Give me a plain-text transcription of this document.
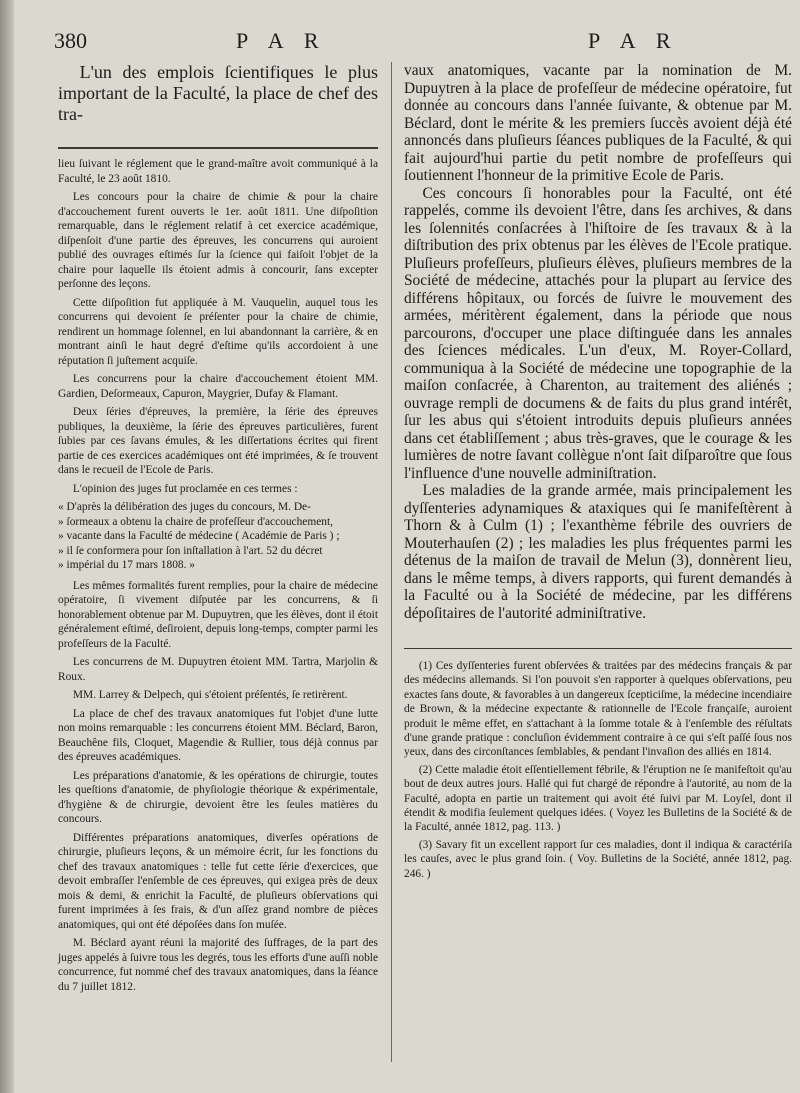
380	P A R	P A R

L'un des emplois ſcientifiques le plus important de la Faculté, la place de chef des tra-

lieu ſuivant le réglement que le grand-maître avoit communiqué à la Faculté, le 23 août 1810.

Les concours pour la chaire de chimie & pour la chaire d'accouchement furent ouverts le 1er. août 1811. Une diſpoſition remarquable, dans le réglement relatif à cet exercice académique, diſpenſoit d'une partie des épreuves, les concurrens qui auroient publié des ouvrages eſtimés ſur la ſcience qui faiſoit l'objet de la chaire pour laquelle ils étoient admis à concourir, ſans excepter perſonne des leçons.

Cette diſpoſition fut appliquée à M. Vauquelin, auquel tous les concurrens qui devoient ſe préſenter pour la chaire de chimie, rendirent un hommage ſolennel, en lui abandonnant la carrière, & en montrant ainſi le haut degré d'eſtime qu'ils accordoient à une réputation ſi juſtement acquiſe.

Les concurrens pour la chaire d'accouchement étoient MM. Gardien, Deſormeaux, Capuron, Maygrier, Dufay & Flamant.

Deux ſéries d'épreuves, la première, la ſérie des épreuves publiques, la deuxième, la ſérie des épreuves particulières, furent ſubies par ces ſavans émules, & les diſſertations écrites qui firent partie de ces exercices académiques ont été imprimées, & ſe trouvent dans le recueil de l'Ecole de Paris.

L'opinion des juges fut proclamée en ces termes :

« D'après la délibération des juges du concours, M. De-
» ſormeaux a obtenu la chaire de profeſſeur d'accouchement,
» vacante dans la Faculté de médecine ( Académie de Paris ) ;
» il ſe conformera pour ſon inſtallation à l'art. 52 du décret
» impérial du 17 mars 1808. »

Les mêmes formalités furent remplies, pour la chaire de médecine opératoire, ſi vivement diſputée par les concurrens, & ſi honorablement obtenue par M. Dupuytren, que les élèves, dont il étoit généralement eſtimé, deſiroient, depuis long-temps, compter parmi les profeſſeurs de la Faculté.

Les concurrens de M. Dupuytren étoient MM. Tartra, Marjolin & Roux.

MM. Larrey & Delpech, qui s'étoient préſentés, ſe retirèrent.

La place de chef des travaux anatomiques fut l'objet d'une lutte non moins remarquable : les concurrens étoient MM. Béclard, Baron, Beauchêne fils, Cloquet, Magendie & Rullier, tous déjà connus par des épreuves académiques.

Les préparations d'anatomie, & les opérations de chirurgie, toutes les queſtions d'anatomie, de phyſiologie théorique & expérimentale, d'hygiène & de chirurgie, devoient être les ſeules matières du concours.

Différentes préparations anatomiques, diverſes opérations de chirurgie, pluſieurs leçons, & un mémoire écrit, ſur les fonctions du chef des travaux anatomiques : telle fut cette ſérie d'exercices, que devoit embraſſer l'enſemble de ces épreuves, qui exigea près de deux mois & demi, & enrichit la Faculté, de pluſieurs obſervations qui furent imprimées à ſes frais, & d'un aſſez grand nombre de pièces anatomiques, qui ont été dépoſées dans ſon muſée.

M. Béclard ayant réuni la majorité des ſuffrages, de la part des juges appelés à ſuivre tous les degrés, tous les efforts d'une auſſi noble concurrence, fut nommé chef des travaux anatomiques, dans la ſéance du 7 juillet 1812.

vaux anatomiques, vacante par la nomination de M. Dupuytren à la place de profeſſeur de médecine opératoire, fut donnée au concours dans l'année ſuivante, & obtenue par M. Béclard, dont le mérite & les premiers ſuccès avoient déjà été annoncés dans pluſieurs ſéances publiques de la Faculté, & qui fait aujourd'hui partie du petit nombre de profeſſeurs qui ſoutiennent l'honneur de la primitive Ecole de Paris.

Ces concours ſi honorables pour la Faculté, ont été rappelés, comme ils devoient l'être, dans ſes archives, & dans les ſolennités conſacrées à l'hiſtoire de ſes travaux & à la diſtribution des prix obtenus par les élèves de l'Ecole pratique. Pluſieurs profeſſeurs, pluſieurs élèves, pluſieurs membres de la Société de médecine, attachés pour la plupart au ſervice des différens hôpitaux, ou forcés de ſuivre le mouvement des armées, méritèrent également, dans la période que nous parcourons, d'occuper une place diſtinguée dans les annales des ſciences médicales. L'un d'eux, M. Royer-Collard, communiqua à la Société de médecine une topographie de la maiſon conſacrée, à Charenton, au traitement des aliénés ; ouvrage rempli de documens & de faits du plus grand intérêt, ſur les abus qui s'étoient introduits depuis pluſieurs années dans cet établiſſement ; abus très-graves, que le courage & les lumières de notre ſavant collègue n'ont ſait diſparoître que ſous l'influence d'une nouvelle adminiſtration.

Les maladies de la grande armée, mais principalement les dyſſenteries adynamiques & ataxiques qui ſe manifeſtèrent à Thorn & à Culm (1) ; l'exanthème fébrile des ouvriers de Mouterhauſen (2) ; les maladies les plus fréquentes parmi les détenus de la maiſon de travail de Melun (3), donnèrent lieu, dans le même temps, à divers rapports, qui furent demandés à la Faculté ou à la Société de médecine, par les différens dépoſitaires de l'autorité adminiſtrative.

(1) Ces dyſſenteries furent obſervées & traitées par des médecins français & par des médecins allemands. Si l'on pouvoit s'en rapporter à quelques obſervations, peu exactes ſans doute, & favorables à un dangereux ſcepticiſme, la médecine incendiaire de Brown, & la médecine expectante & rationnelle de l'Ecole françaiſe, auroient produit le même effet, en s'attachant à la ſomme totale & à l'enſemble des réſultats d'une grande pratique : concluſion évidemment contraire à ce qui s'eſt paſſé ſous nos yeux, dans des circonſtances ſemblables, & pendant l'invaſion des alliés en 1814.

(2) Cette maladie étoit eſſentiellement fébrile, & l'éruption ne ſe manifeſtoit qu'au bout de deux autres jours. Hallé qui fut chargé de répondre à l'autorité, au nom de la Faculté, adopta en partie un traitement qui avoit été ſuivi par M. Loyſel, dont il étendit & modifia ſeulement quelques idées. ( Voyez les Bulletins de la Société & de la Faculté, année 1812, pag. 113. )

(3) Savary fit un excellent rapport ſur ces maladies, dont il indiqua & caractériſa les cauſes, avec le plus grand ſoin. ( Voy. Bulletins de la Société, année 1812, pag. 246. )
